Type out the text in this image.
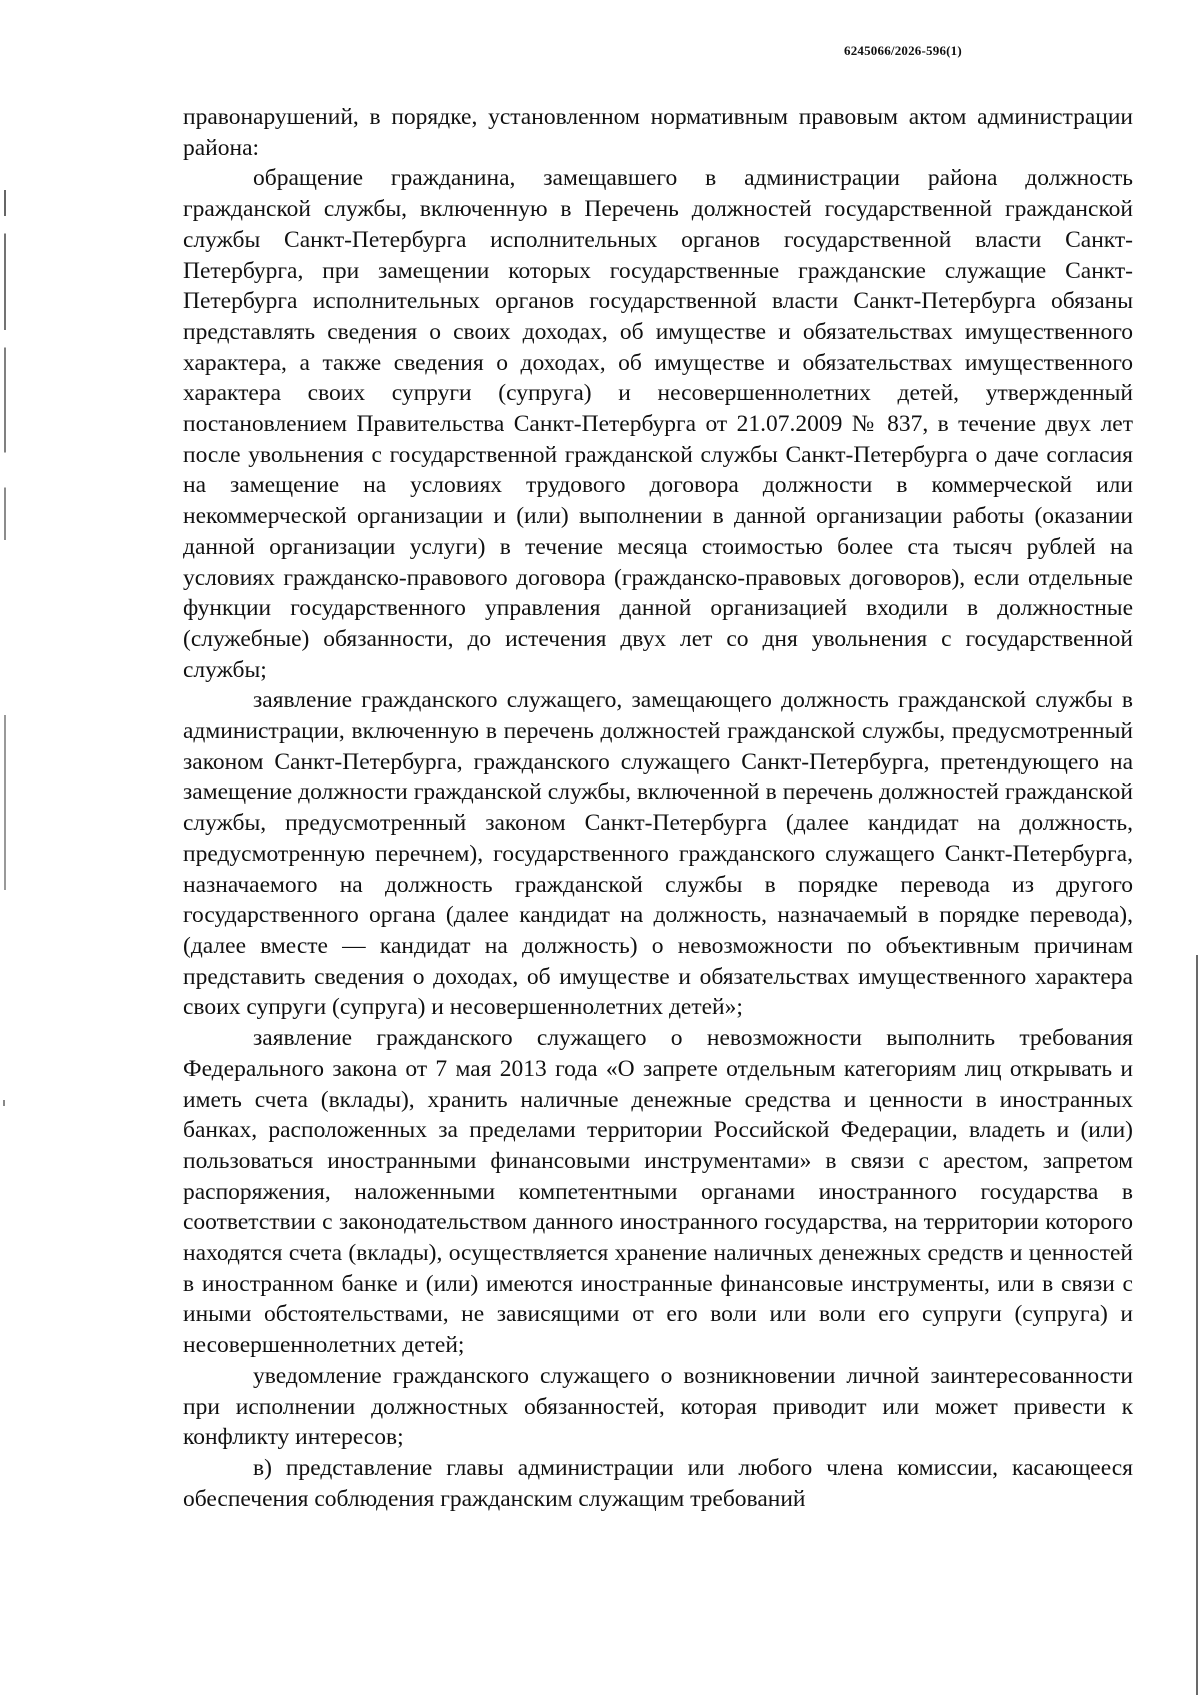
6245066/2026-596(1)

правонарушений, в порядке, установленном нормативным правовым актом администрации района:

обращение гражданина, замещавшего в администрации района должность гражданской службы, включенную в Перечень должностей государственной гражданской службы Санкт-Петербурга исполнительных органов государственной власти Санкт-Петербурга, при замещении которых государственные гражданские служащие Санкт-Петербурга исполнительных органов государственной власти Санкт-Петербурга обязаны представлять сведения о своих доходах, об имуществе и обязательствах имущественного характера, а также сведения о доходах, об имуществе и обязательствах имущественного характера своих супруги (супруга) и несовершеннолетних детей, утвержденный постановлением Правительства Санкт-Петербурга от 21.07.2009 № 837, в течение двух лет после увольнения с государственной гражданской службы Санкт-Петербурга о даче согласия на замещение на условиях трудового договора должности в коммерческой или некоммерческой организации и (или) выполнении в данной организации работы (оказании данной организации услуги) в течение месяца стоимостью более ста тысяч рублей на условиях гражданско-правового договора (гражданско-правовых договоров), если отдельные функции государственного управления данной организацией входили в должностные (служебные) обязанности, до истечения двух лет со дня увольнения с государственной службы;

заявление гражданского служащего, замещающего должность гражданской службы в администрации, включенную в перечень должностей гражданской службы, предусмотренный законом Санкт-Петербурга, гражданского служащего Санкт-Петербурга, претендующего на замещение должности гражданской службы, включенной в перечень должностей гражданской службы, предусмотренный законом Санкт-Петербурга (далее кандидат на должность, предусмотренную перечнем), государственного гражданского служащего Санкт-Петербурга, назначаемого на должность гражданской службы в порядке перевода из другого государственного органа (далее кандидат на должность, назначаемый в порядке перевода), (далее вместе — кандидат на должность) о невозможности по объективным причинам представить сведения о доходах, об имуществе и обязательствах имущественного характера своих супруги (супруга) и несовершеннолетних детей»;

заявление гражданского служащего о невозможности выполнить требования Федерального закона от 7 мая 2013 года «О запрете отдельным категориям лиц открывать и иметь счета (вклады), хранить наличные денежные средства и ценности в иностранных банках, расположенных за пределами территории Российской Федерации, владеть и (или) пользоваться иностранными финансовыми инструментами» в связи с арестом, запретом распоряжения, наложенными компетентными органами иностранного государства в соответствии с законодательством данного иностранного государства, на территории которого находятся счета (вклады), осуществляется хранение наличных денежных средств и ценностей в иностранном банке и (или) имеются иностранные финансовые инструменты, или в связи с иными обстоятельствами, не зависящими от его воли или воли его супруги (супруга) и несовершеннолетних детей;

уведомление гражданского служащего о возникновении личной заинтересованности при исполнении должностных обязанностей, которая приводит или может привести к конфликту интересов;

в) представление главы администрации или любого члена комиссии, касающееся обеспечения соблюдения гражданским служащим требований
